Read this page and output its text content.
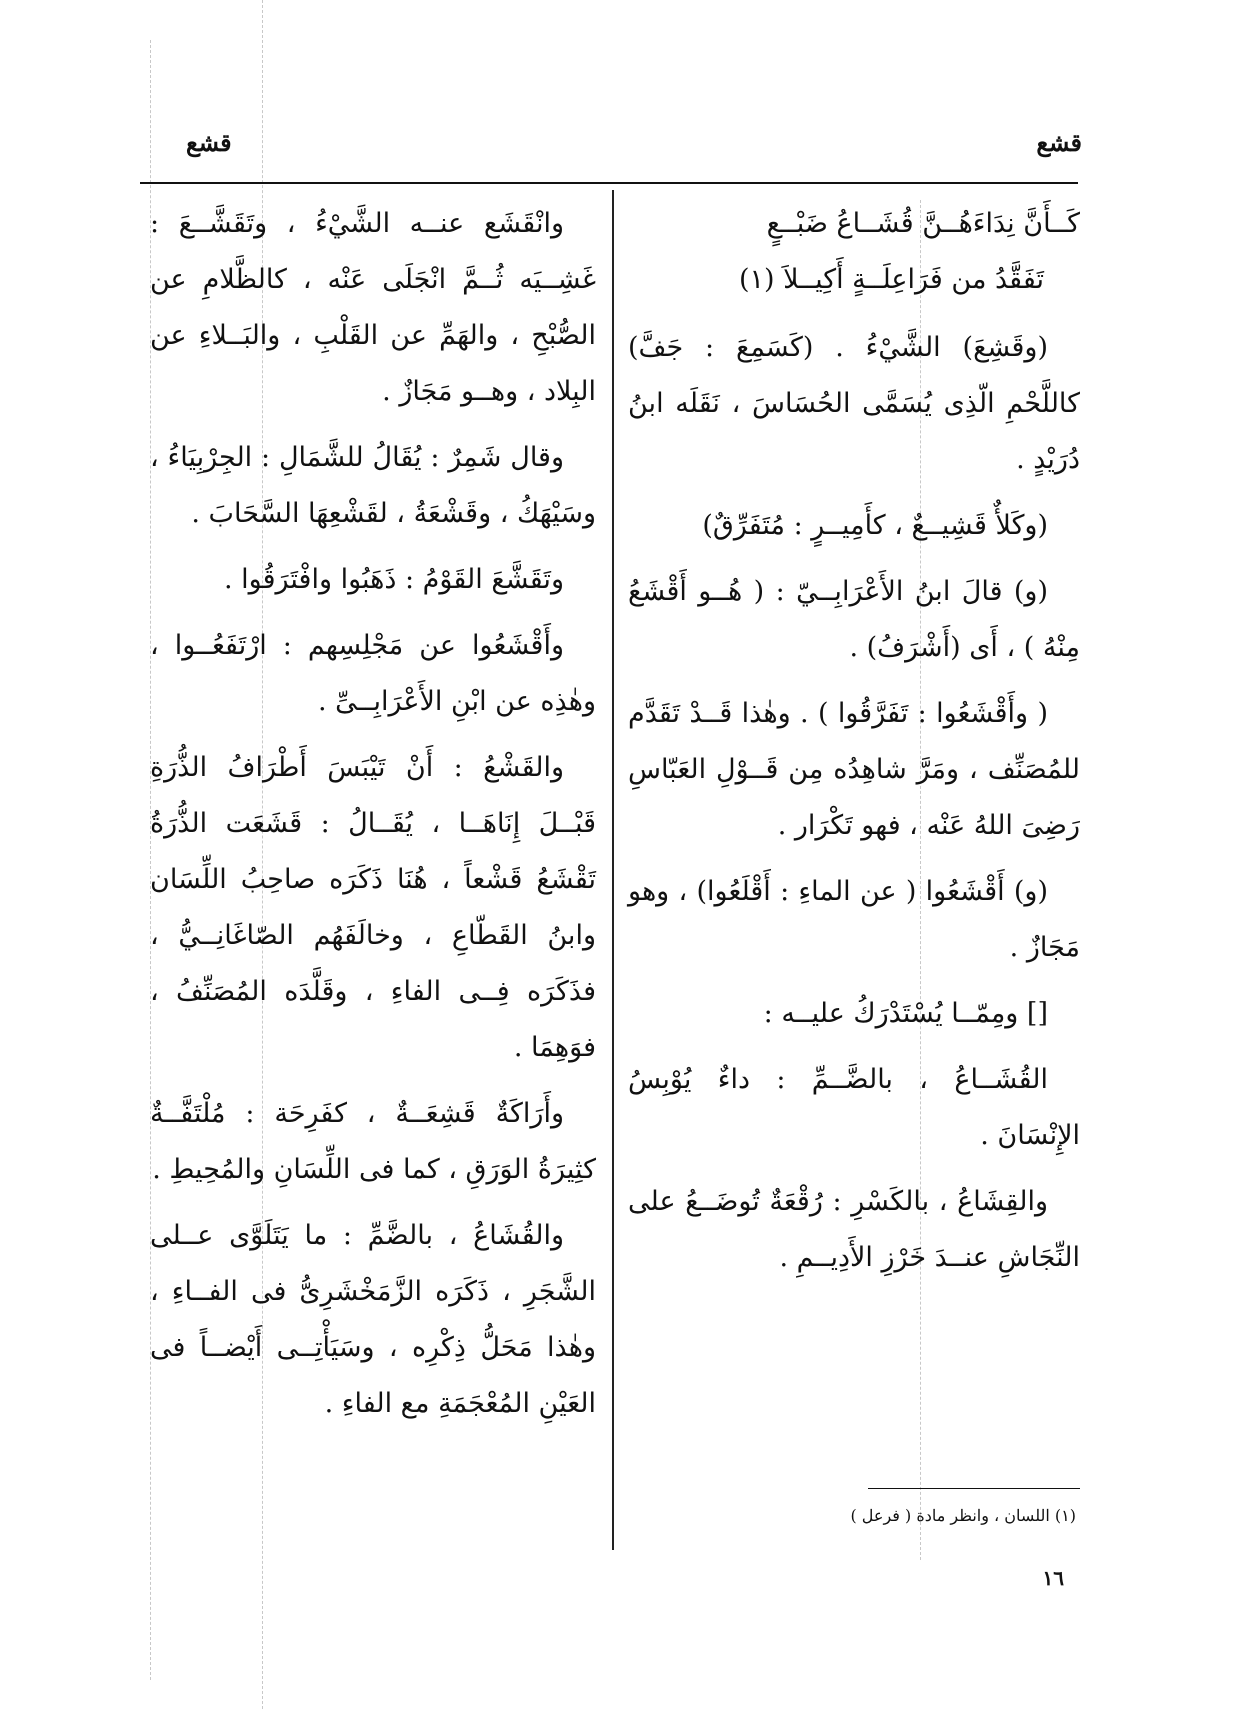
قشع
قشع
كَــأَنَّ نِدَاءَهُــنَّ قُشَــاعُ ضَبْــعٍ
تَفَقَّدُ من فَرَاعِلَــةٍ أَكِيــلاَ (١)

(وقَشِعَ) الشَّيْءُ . (كَسَمِعَ : جَفَّ) كاللَّحْمِ الّذِى يُسَمَّى الحُسَاسَ ، نَقَلَه ابنُ دُرَيْدٍ .

(وكَلأٌ قَشِيــعٌ ، كأَمِيــرٍ : مُتَفَرِّقٌ)

(و) قالَ ابنُ الأَعْرَابِــيّ : ( هُــو أَقْشَعُ مِنْهُ ) ، أَى (أَشْرَفُ) .

( وأَقْشَعُوا : تَفَرَّقُوا ) . وهٰذا قَــدْ تَقَدَّم للمُصَنِّف ، ومَرَّ شاهِدُه مِن قَــوْلِ العَبّاسِ رَضِىَ اللهُ عَنْه ، فهو تَكْرَار .

(و) أَقْشَعُوا ( عن الماءِ : أَقْلَعُوا) ، وهو مَجَازٌ .

[] ومِمّــا يُسْتَدْرَكُ عليــه :

القُشَــاعُ ، بالضَّــمِّ : داءٌ يُوْبِسُ الإِنْسَانَ .

والقِشَاعُ ، بالكَسْرِ : رُقْعَةٌ تُوضَــعُ على النِّجَاشِ عنــدَ خَرْزِ الأَدِيــمِ .

وانْقَشَع عنــه الشَّيْءُ ، وتَقَشَّــعَ : غَشِــيَه ثُــمَّ انْجَلَى عَنْه ، كالظَّلامِ عن الصُّبْحِ ، والهَمِّ عن القَلْبِ ، والبَــلاءِ عن البِلاد ، وهــو مَجَازٌ .

وقال شَمِرٌ : يُقَالُ للشَّمَالِ : الجِرْبِيَاءُ ، وسَيْهَكُ ، وقَشْعَةُ ، لقَشْعِهَا السَّحَابَ .

وتَقَشَّعَ القَوْمُ : ذَهَبُوا وافْتَرَقُوا .

وأَقْشَعُوا عن مَجْلِسِهم : ارْتَفَعُــوا ، وهٰذِه عن ابْنِ الأَعْرَابِــىِّ .

والقَشْعُ : أَنْ تَيْبَسَ أَطْرَافُ الذُّرَةِ قَبْــلَ إِنَاهَــا ، يُقَــالُ : قَشَعَت الذُّرَةُ تَقْشَعُ قَشْعاً ، هُنَا ذَكَرَه صاحِبُ اللِّسَان وابنُ القَطّاعِ ، وخالَفَهُم الصّاغَانِــيُّ ، فذَكَرَه فِــى الفاءِ ، وقَلَّدَه المُصَنِّفُ ، فوَهِمَا .

وأَرَاكَةٌ قَشِعَــةٌ ، كفَرِحَة : مُلْتَفَّــةٌ كثِيرَةُ الوَرَقِ ، كما فى اللِّسَانِ والمُحِيطِ .

والقُشَاعُ ، بالضَّمِّ : ما يَتَلَوَّى عــلى الشَّجَرِ ، ذَكَرَه الزَّمَخْشَرِىُّ فى الفــاءِ ، وهٰذا مَحَلُّ ذِكْرِه ، وسَيَأْتِــى أَيْضــاً فى العَيْنِ المُعْجَمَةِ مع الفاءِ .

(١) اللسان ، وانظر مادة ( فرعل )
١٦
